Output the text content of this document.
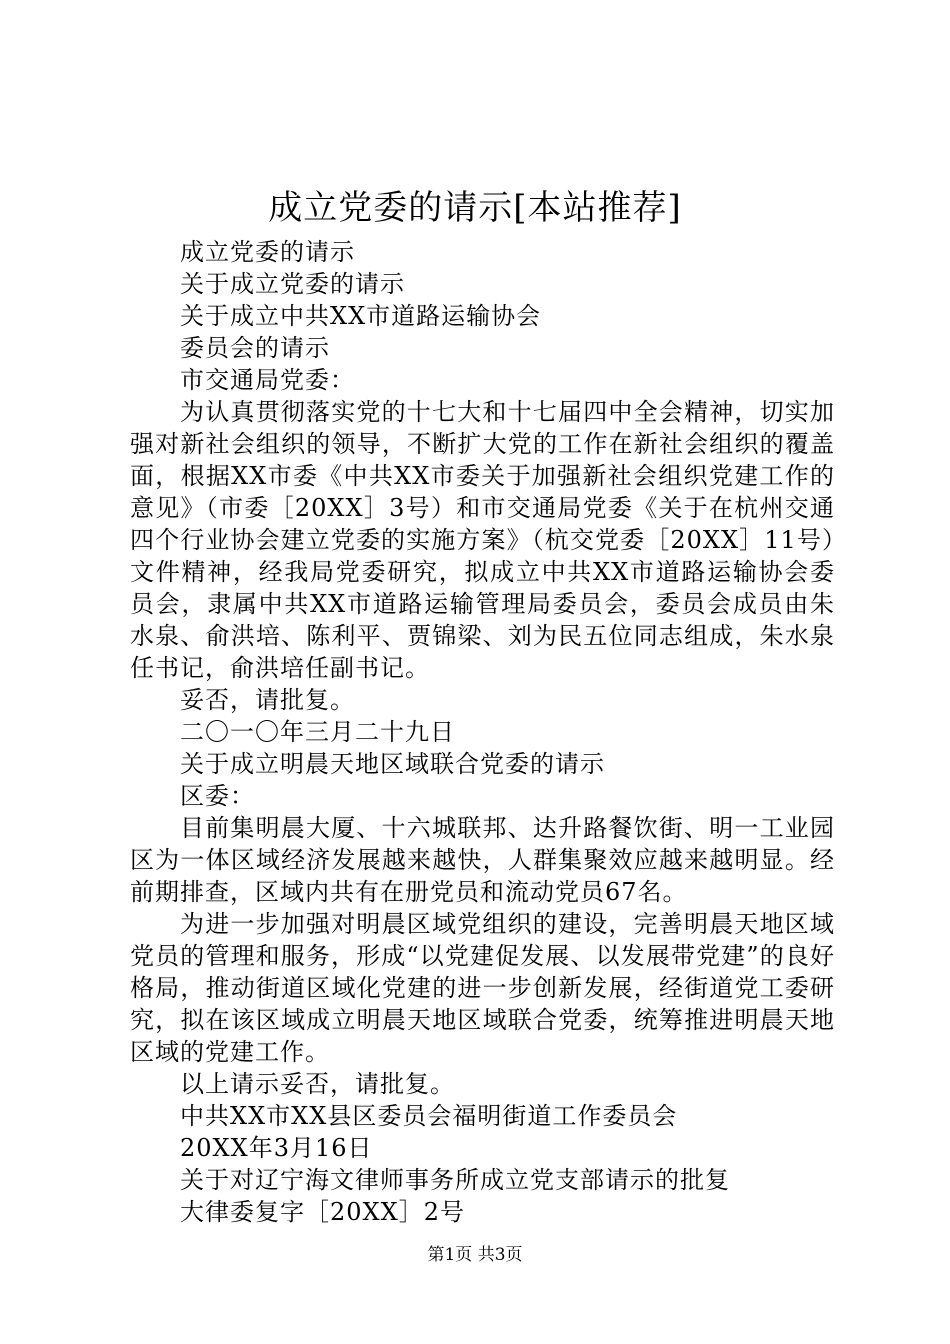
成立党委的请示[本站推荐]

成立党委的请示

关于成立党委的请示

关于成立中共XX市道路运输协会

委员会的请示

市交通局党委：

为认真贯彻落实党的十七大和十七届四中全会精神，切实加强对新社会组织的领导，不断扩大党的工作在新社会组织的覆盖面，根据XX市委《中共XX市委关于加强新社会组织党建工作的意见》（市委［20XX］3号）和市交通局党委《关于在杭州交通四个行业协会建立党委的实施方案》（杭交党委［20XX］11号）文件精神，经我局党委研究，拟成立中共XX市道路运输协会委员会，隶属中共XX市道路运输管理局委员会，委员会成员由朱水泉、俞洪培、陈利平、贾锦梁、刘为民五位同志组成，朱水泉任书记，俞洪培任副书记。

妥否，请批复。

二〇一〇年三月二十九日

关于成立明晨天地区域联合党委的请示

区委：

目前集明晨大厦、十六城联邦、达升路餐饮街、明一工业园区为一体区域经济发展越来越快，人群集聚效应越来越明显。经前期排查，区域内共有在册党员和流动党员67名。

为进一步加强对明晨区域党组织的建设，完善明晨天地区域党员的管理和服务，形成“以党建促发展、以发展带党建”的良好格局，推动街道区域化党建的进一步创新发展，经街道党工委研究，拟在该区域成立明晨天地区域联合党委，统筹推进明晨天地区域的党建工作。

以上请示妥否，请批复。

中共XX市XX县区委员会福明街道工作委员会

20XX年3月16日

关于对辽宁海文律师事务所成立党支部请示的批复

大律委复字［20XX］2号

第1页 共3页
